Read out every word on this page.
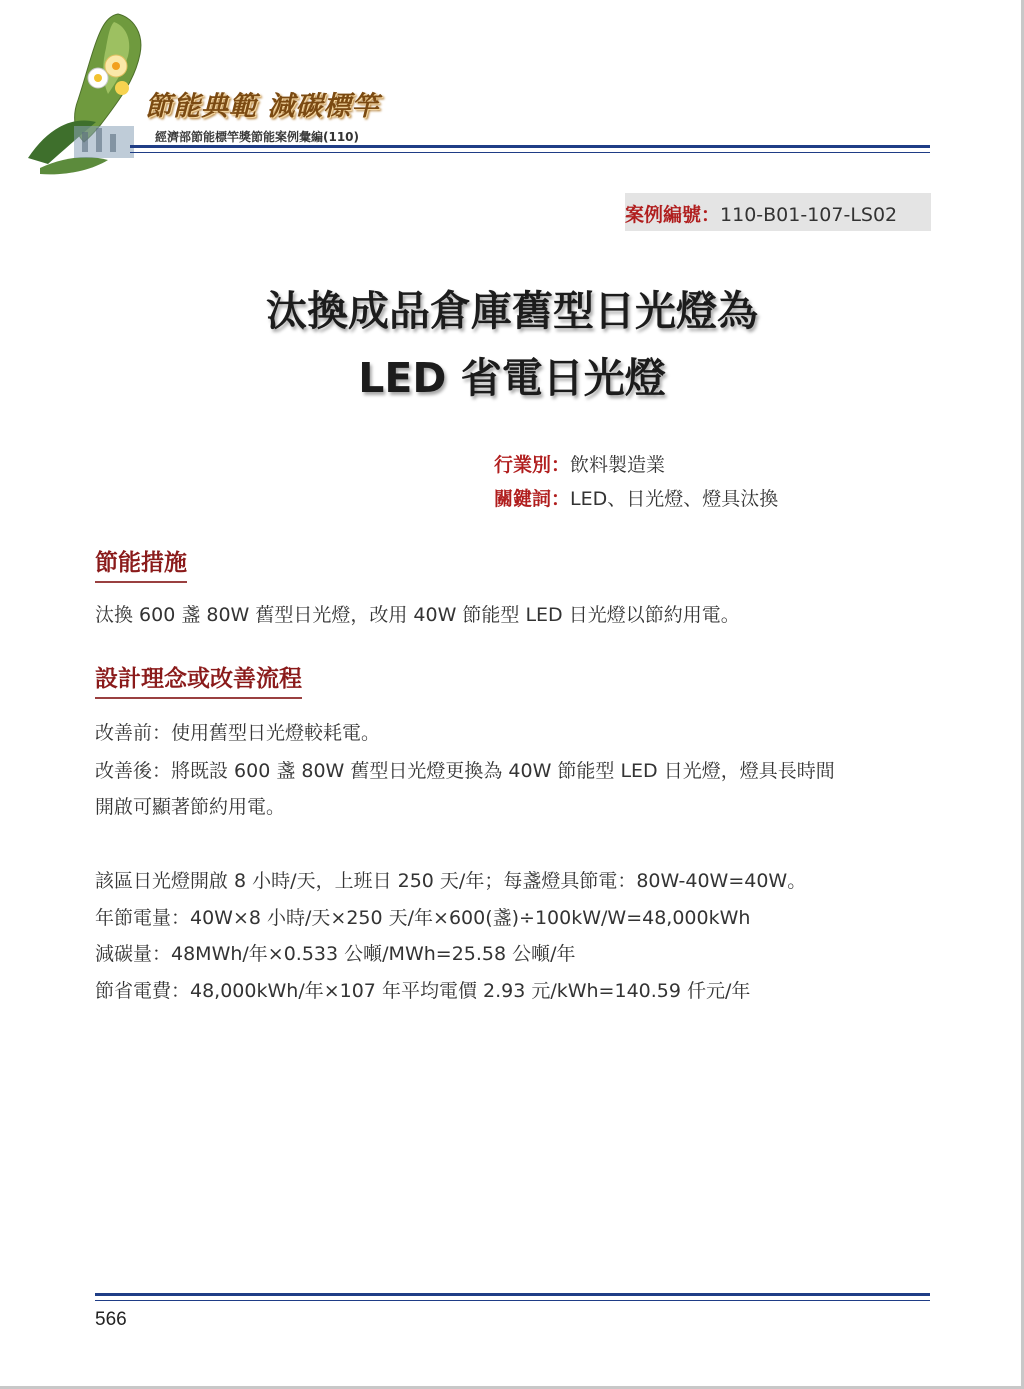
節能典範 減碳標竿
經濟部節能標竿獎節能案例彙編(110)
案例編號：110-B01-107-LS02
汰換成品倉庫舊型日光燈為
LED 省電日光燈
行業別：飲料製造業
關鍵詞：LED、日光燈、燈具汰換
節能措施
汰換 600 盞 80W 舊型日光燈，改用 40W 節能型 LED 日光燈以節約用電。
設計理念或改善流程
改善前：使用舊型日光燈較耗電。
改善後：將既設 600 盞 80W 舊型日光燈更換為 40W 節能型 LED 日光燈，燈具長時間
開啟可顯著節約用電。
該區日光燈開啟 8 小時/天，上班日 250 天/年；每盞燈具節電：80W-40W=40W。
年節電量：40W×8 小時/天×250 天/年×600(盞)÷100kW/W=48,000kWh
減碳量：48MWh/年×0.533 公噸/MWh=25.58 公噸/年
節省電費：48,000kWh/年×107 年平均電價 2.93 元/kWh=140.59 仟元/年
566
